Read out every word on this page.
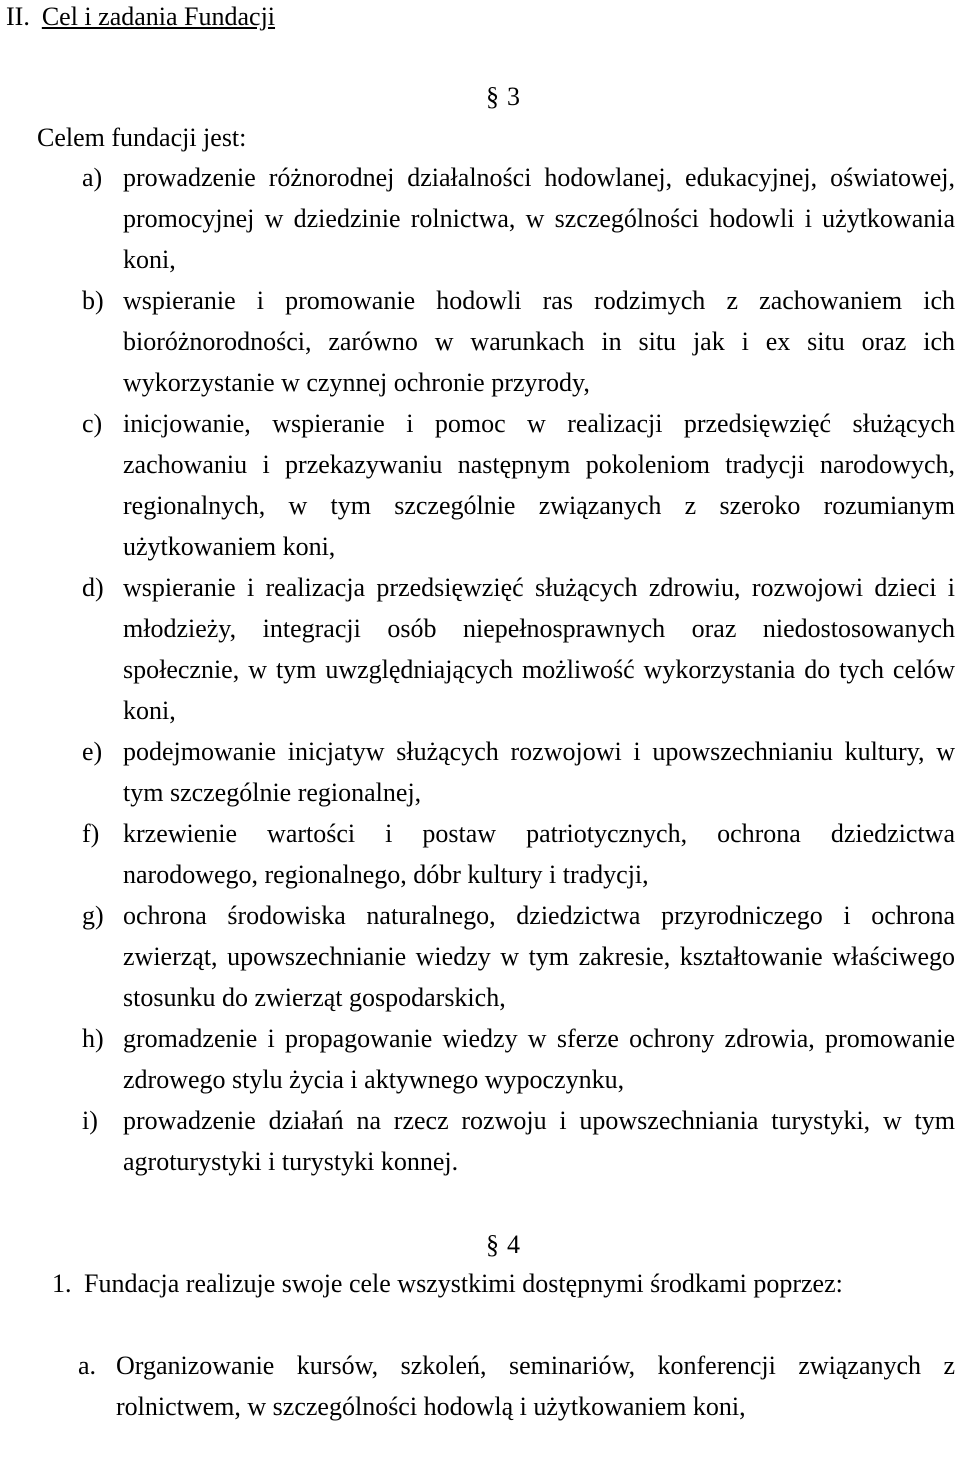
II. Cel i zadania Fundacji
§ 3
Celem fundacji jest:
a) prowadzenie różnorodnej działalności hodowlanej, edukacyjnej, oświatowej, promocyjnej w dziedzinie rolnictwa, w szczególności hodowli i użytkowania koni,
b) wspieranie i promowanie hodowli ras rodzimych z zachowaniem ich bioróżnorodności, zarówno w warunkach in situ jak i ex situ oraz ich wykorzystanie w czynnej ochronie przyrody,
c) inicjowanie, wspieranie i pomoc w realizacji przedsięwzięć służących zachowaniu i przekazywaniu następnym pokoleniom tradycji narodowych, regionalnych, w tym szczególnie związanych z szeroko rozumianym użytkowaniem koni,
d) wspieranie i realizacja przedsięwzięć służących zdrowiu, rozwojowi dzieci i młodzieży, integracji osób niepełnosprawnych oraz niedostosowanych społecznie, w tym uwzględniających możliwość wykorzystania do tych celów koni,
e) podejmowanie inicjatyw służących rozwojowi i upowszechnianiu kultury, w tym szczególnie regionalnej,
f) krzewienie wartości i postaw patriotycznych, ochrona dziedzictwa narodowego, regionalnego, dóbr kultury i tradycji,
g) ochrona środowiska naturalnego, dziedzictwa przyrodniczego i ochrona zwierząt, upowszechnianie wiedzy w tym zakresie, kształtowanie właściwego stosunku do zwierząt gospodarskich,
h) gromadzenie i propagowanie wiedzy w sferze ochrony zdrowia, promowanie zdrowego stylu życia i aktywnego wypoczynku,
i) prowadzenie działań na rzecz rozwoju i upowszechniania turystyki, w tym agroturystyki i turystyki konnej.
§ 4
1. Fundacja realizuje swoje cele wszystkimi dostępnymi środkami poprzez:
a. Organizowanie kursów, szkoleń, seminariów, konferencji związanych z rolnictwem, w szczególności hodowlą i użytkowaniem koni,
